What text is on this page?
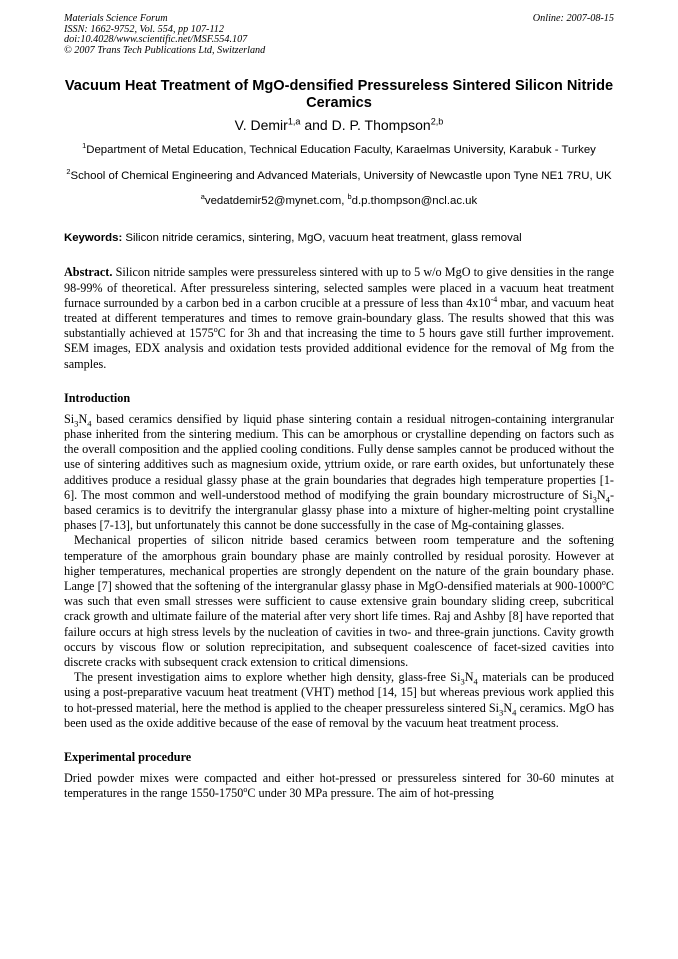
Materials Science Forum
ISSN: 1662-9752, Vol. 554, pp 107-112
doi:10.4028/www.scientific.net/MSF.554.107
© 2007 Trans Tech Publications Ltd, Switzerland
Online: 2007-08-15
Vacuum Heat Treatment of MgO-densified Pressureless Sintered Silicon Nitride Ceramics
V. Demir$^{1,a}$ and D. P. Thompson$^{2,b}$
$^1$Department of Metal Education, Technical Education Faculty, Karaelmas University, Karabuk - Turkey
$^2$School of Chemical Engineering and Advanced Materials, University of Newcastle upon Tyne NE1 7RU, UK
$^a$vedatdemir52@mynet.com, $^b$d.p.thompson@ncl.ac.uk
Keywords: Silicon nitride ceramics, sintering, MgO, vacuum heat treatment, glass removal
Abstract. Silicon nitride samples were pressureless sintered with up to 5 w/o MgO to give densities in the range 98-99% of theoretical. After pressureless sintering, selected samples were placed in a vacuum heat treatment furnace surrounded by a carbon bed in a carbon crucible at a pressure of less than $4x10^{-4}$ mbar, and vacuum heat treated at different temperatures and times to remove grain-boundary glass. The results showed that this was substantially achieved at 1575$^o$C for 3h and that increasing the time to 5 hours gave still further improvement. SEM images, EDX analysis and oxidation tests provided additional evidence for the removal of Mg from the samples.
Introduction
$Si_3N_4$ based ceramics densified by liquid phase sintering contain a residual nitrogen-containing intergranular phase inherited from the sintering medium. This can be amorphous or crystalline depending on factors such as the overall composition and the applied cooling conditions. Fully dense samples cannot be produced without the use of sintering additives such as magnesium oxide, yttrium oxide, or rare earth oxides, but unfortunately these additives produce a residual glassy phase at the grain boundaries that degrades high temperature properties [1-6]. The most common and well-understood method of modifying the grain boundary microstructure of $Si_3N_4$-based ceramics is to devitrify the intergranular glassy phase into a mixture of higher-melting point crystalline phases [7-13], but unfortunately this cannot be done successfully in the case of Mg-containing glasses.
Mechanical properties of silicon nitride based ceramics between room temperature and the softening temperature of the amorphous grain boundary phase are mainly controlled by residual porosity. However at higher temperatures, mechanical properties are strongly dependent on the nature of the grain boundary phase. Lange [7] showed that the softening of the intergranular glassy phase in MgO-densified materials at 900-1000$^o$C was such that even small stresses were sufficient to cause extensive grain boundary sliding creep, subcritical crack growth and ultimate failure of the material after very short life times. Raj and Ashby [8] have reported that failure occurs at high stress levels by the nucleation of cavities in two- and three-grain junctions. Cavity growth occurs by viscous flow or solution reprecipitation, and subsequent coalescence of facet-sized cavities into discrete cracks with subsequent crack extension to critical dimensions.
The present investigation aims to explore whether high density, glass-free $Si_3N_4$ materials can be produced using a post-preparative vacuum heat treatment (VHT) method [14, 15] but whereas previous work applied this to hot-pressed material, here the method is applied to the cheaper pressureless sintered $Si_3N_4$ ceramics. MgO has been used as the oxide additive because of the ease of removal by the vacuum heat treatment process.
Experimental procedure
Dried powder mixes were compacted and either hot-pressed or pressureless sintered for 30-60 minutes at temperatures in the range 1550-1750$^o$C under 30 MPa pressure. The aim of hot-pressing
